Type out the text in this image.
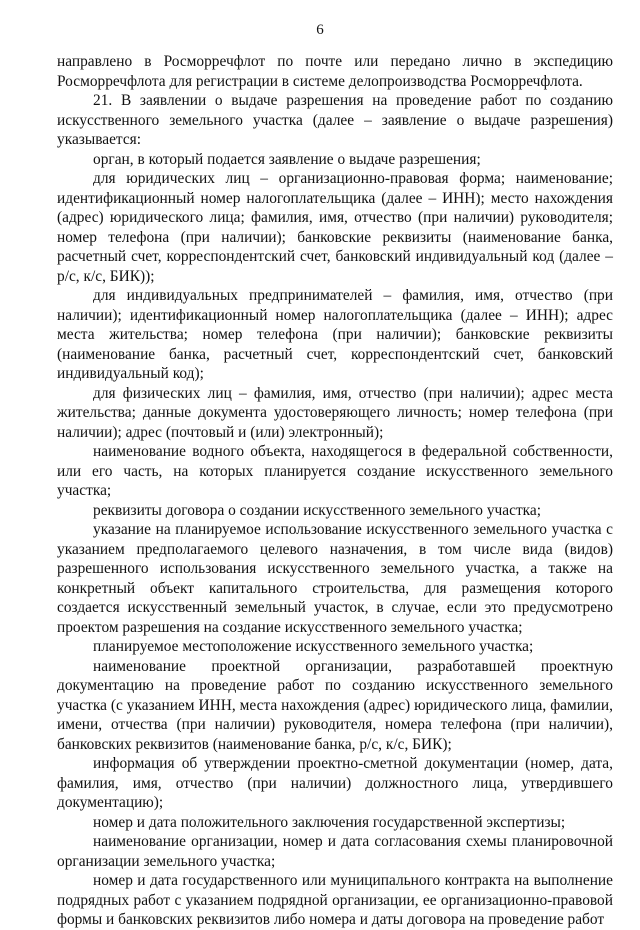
6

направлено в Росморречфлот по почте или передано лично в экспедицию Росморречфлота для регистрации в системе делопроизводства Росморречфлота.

21. В заявлении о выдаче разрешения на проведение работ по созданию искусственного земельного участка (далее – заявление о выдаче разрешения) указывается:

орган, в который подается заявление о выдаче разрешения;

для юридических лиц – организационно-правовая форма; наименование; идентификационный номер налогоплательщика (далее – ИНН); место нахождения (адрес) юридического лица; фамилия, имя, отчество (при наличии) руководителя; номер телефона (при наличии); банковские реквизиты (наименование банка, расчетный счет, корреспондентский счет, банковский индивидуальный код (далее – р/с, к/с, БИК));

для индивидуальных предпринимателей – фамилия, имя, отчество (при наличии); идентификационный номер налогоплательщика (далее – ИНН); адрес места жительства; номер телефона (при наличии); банковские реквизиты (наименование банка, расчетный счет, корреспондентский счет, банковский индивидуальный код);

для физических лиц – фамилия, имя, отчество (при наличии); адрес места жительства; данные документа удостоверяющего личность; номер телефона (при наличии); адрес (почтовый и (или) электронный);

наименование водного объекта, находящегося в федеральной собственности, или его часть, на которых планируется создание искусственного земельного участка;

реквизиты договора о создании искусственного земельного участка;

указание на планируемое использование искусственного земельного участка с указанием предполагаемого целевого назначения, в том числе вида (видов) разрешенного использования искусственного земельного участка, а также на конкретный объект капитального строительства, для размещения которого создается искусственный земельный участок, в случае, если это предусмотрено проектом разрешения на создание искусственного земельного участка;

планируемое местоположение искусственного земельного участка;

наименование проектной организации, разработавшей проектную документацию на проведение работ по созданию искусственного земельного участка (с указанием ИНН, места нахождения (адрес) юридического лица, фамилии, имени, отчества (при наличии) руководителя, номера телефона (при наличии), банковских реквизитов (наименование банка, р/с, к/с, БИК);

информация об утверждении проектно-сметной документации (номер, дата, фамилия, имя, отчество (при наличии) должностного лица, утвердившего документацию);

номер и дата положительного заключения государственной экспертизы;

наименование организации, номер и дата согласования схемы планировочной организации земельного участка;

номер и дата государственного или муниципального контракта на выполнение подрядных работ с указанием подрядной организации, ее организационно-правовой формы и банковских реквизитов либо номера и даты договора на проведение работ
